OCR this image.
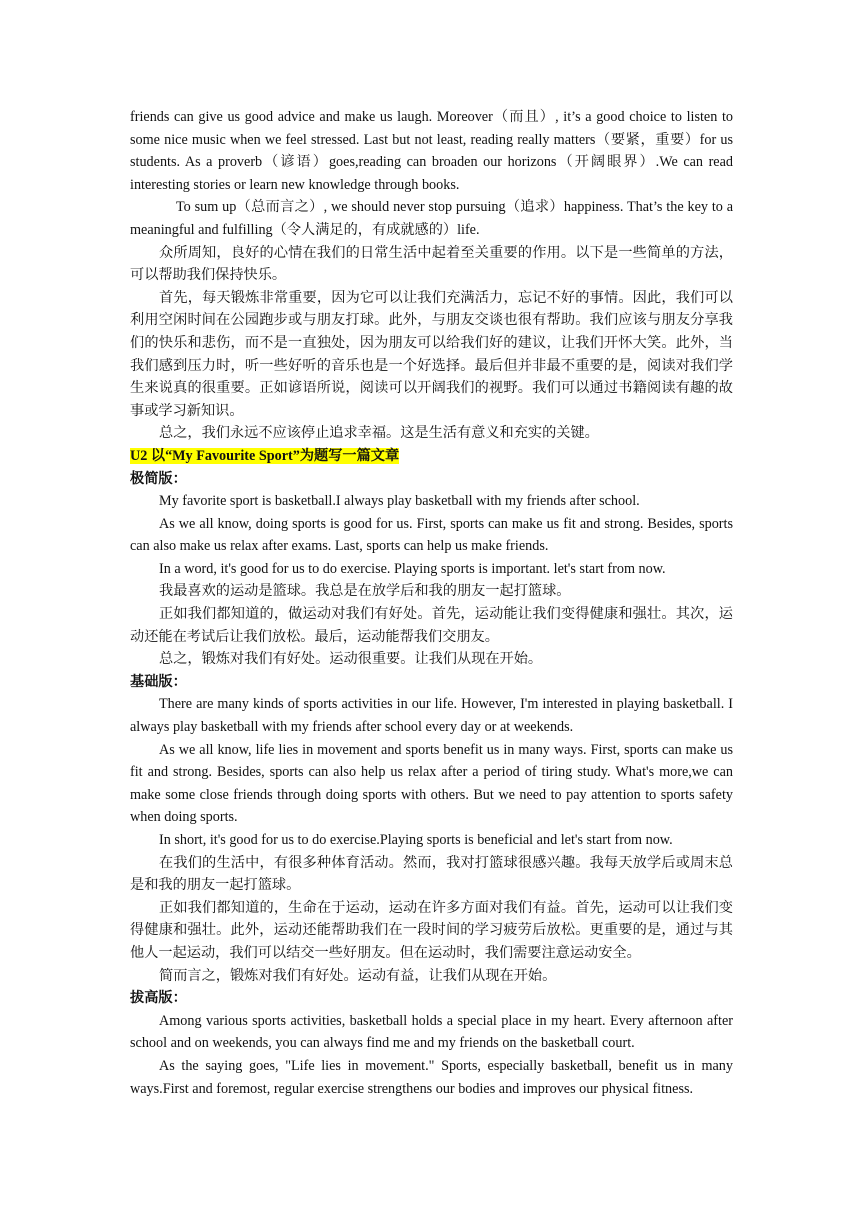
friends can give us good advice and make us laugh. Moreover（而且）, it’s a good choice to listen to some nice music when we feel stressed. Last but not least, reading really matters（要紧，重要）for us students. As a proverb（谚语）goes,reading can broaden our horizons（开阔眼界）.We can read interesting stories or learn new knowledge through books.

To sum up（总而言之）, we should never stop pursuing（追求）happiness. That’s the key to a meaningful and fulfilling（令人满足的，有成就感的）life.

众所周知，良好的心情在我们的日常生活中起着至关重要的作用。以下是一些简单的方法，可以帮助我们保持快乐。

首先，每天锻炼非常重要，因为它可以让我们充满活力，忘记不好的事情。因此，我们可以利用空闲时间在公园跑步或与朋友打球。此外，与朋友交谈也很有帮助。我们应该与朋友分享我们的快乐和悲伤，而不是一直独处，因为朋友可以给我们好的建议，让我们开怀大笑。此外，当我们感到压力时，听一些好听的音乐也是一个好选择。最后但并非最不重要的是，阅读对我们学生来说真的很重要。正如谚语所说，阅读可以开阔我们的视野。我们可以通过书籍阅读有趣的故事或学习新知识。

总之，我们永远不应该停止追求幸福。这是生活有意义和充实的关键。

U2 以“My Favourite Sport”为题写一篇文章

极简版：

My favorite sport is basketball.I always play basketball with my friends after school.

As we all know, doing sports is good for us. First, sports can make us fit and strong. Besides, sports can also make us relax after exams. Last, sports can help us make friends.

In a word, it's good for us to do exercise. Playing sports is important. let's start from now.

我最喜欢的运动是篮球。我总是在放学后和我的朋友一起打篮球。

正如我们都知道的，做运动对我们有好处。首先，运动能让我们变得健康和强壮。其次，运动还能在考试后让我们放松。最后，运动能帮我们交朋友。

总之，锻炼对我们有好处。运动很重要。让我们从现在开始。

基础版：

There are many kinds of sports activities in our life. However, I'm interested in playing basketball. I always play basketball with my friends after school every day or at weekends.

As we all know, life lies in movement and sports benefit us in many ways. First, sports can make us fit and strong. Besides, sports can also help us relax after a period of tiring study. What's more,we can make some close friends through doing sports with others. But we need to pay attention to sports safety when doing sports.

In short, it's good for us to do exercise.Playing sports is beneficial and let's start from now.

在我们的生活中，有很多种体育活动。然而，我对打篮球很感兴趣。我每天放学后或周末总是和我的朋友一起打篮球。

正如我们都知道的，生命在于运动，运动在许多方面对我们有益。首先，运动可以让我们变得健康和强壮。此外，运动还能帮助我们在一段时间的学习疲劳后放松。更重要的是，通过与其他人一起运动，我们可以结交一些好朋友。但在运动时，我们需要注意运动安全。

简而言之，锻炼对我们有好处。运动有益，让我们从现在开始。

拔高版：

Among various sports activities, basketball holds a special place in my heart. Every afternoon after school and on weekends, you can always find me and my friends on the basketball court.

As the saying goes, "Life lies in movement." Sports, especially basketball, benefit us in many ways.First and foremost, regular exercise strengthens our bodies and improves our physical fitness.
